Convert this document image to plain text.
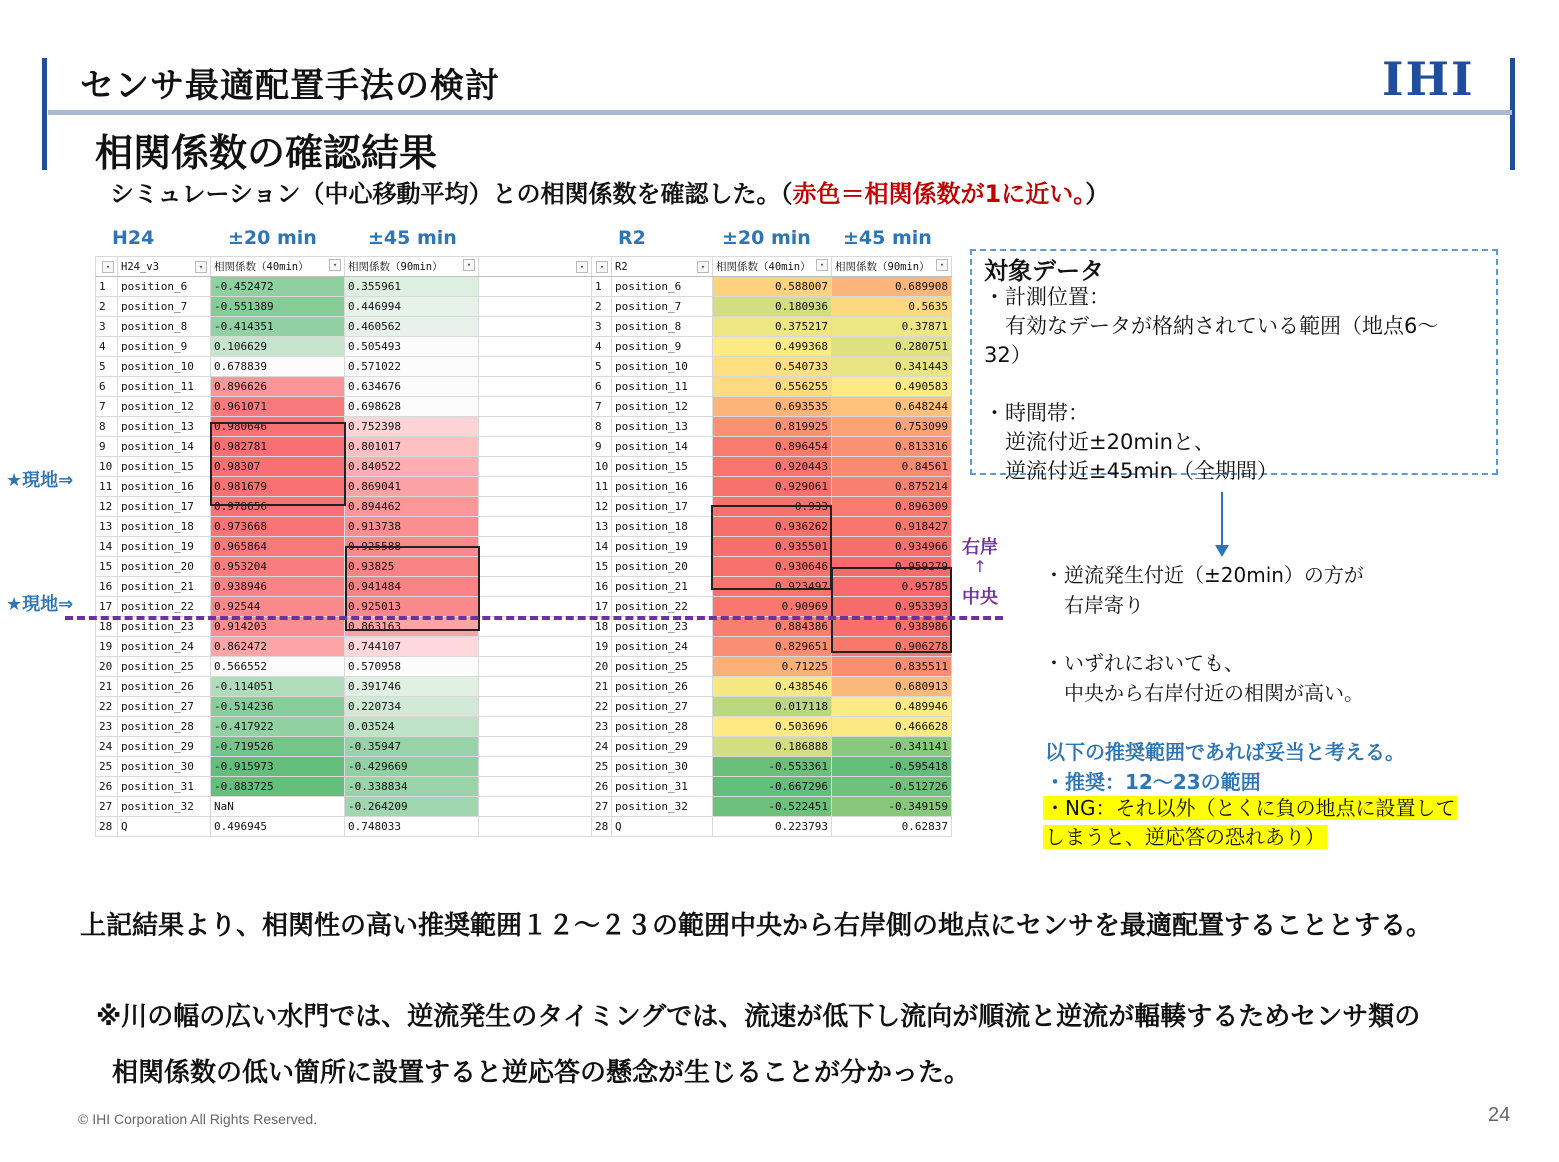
センサ最適配置手法の検討	IHI
相関係数の確認結果
シミュレーション（中心移動平均）との相関係数を確認した。（赤色＝相関係数が1に近い。）
H24	±20 min	±45 min	R2	±20 min ±45 min
▾	H24_v3 ▾	相関係数（40min） ▾	相関係数（90min） ▾	▾

1	position_6	-0.452472	0.355961	
2	position_7	-0.551389	0.446994	
3	position_8	-0.414351	0.460562	
4	position_9	0.106629	0.505493	
5	position_10	0.678839	0.571022	
6	position_11	0.896626	0.634676	
7	position_12	0.961071	0.698628	
8	position_13	0.980646	0.752398	
9	position_14	0.982781	0.801017	
10	position_15	0.98307	0.840522	
11	position_16	0.981679	0.869041	
12	position_17	0.978656	0.894462	
13	position_18	0.973668	0.913738	
14	position_19	0.965864	0.925588	
15	position_20	0.953204	0.93825	
16	position_21	0.938946	0.941484	
17	position_22	0.92544	0.925013	
18	position_23	0.914203	0.863163	
19	position_24	0.862472	0.744107	
20	position_25	0.566552	0.570958	
21	position_26	-0.114051	0.391746	
22	position_27	-0.514236	0.220734	
23	position_28	-0.417922	0.03524	
24	position_29	-0.719526	-0.35947	
25	position_30	-0.915973	-0.429669	
26	position_31	-0.883725	-0.338834	
27	position_32	NaN	-0.264209	
28	Q	0.496945	0.748033	
▾	R2 ▾	相関係数（40min） ▾	相関係数（90min） ▾

1	position_6	0.588007	0.689908
2	position_7	0.180936	0.5635
3	position_8	0.375217	0.37871
4	position_9	0.499368	0.280751
5	position_10	0.540733	0.341443
6	position_11	0.556255	0.490583
7	position_12	0.693535	0.648244
8	position_13	0.819925	0.753099
9	position_14	0.896454	0.813316
10	position_15	0.920443	0.84561
11	position_16	0.929061	0.875214
12	position_17	0.933	0.896309
13	position_18	0.936262	0.918427
14	position_19	0.935501	0.934966
15	position_20	0.930646	0.959279
16	position_21	0.923497	0.95785
17	position_22	0.90969	0.953393
18	position_23	0.884386	0.938986
19	position_24	0.829651	0.906278
20	position_25	0.71225	0.835511
21	position_26	0.438546	0.680913
22	position_27	0.017118	0.489946
23	position_28	0.503696	0.466628
24	position_29	0.186888	-0.341141
25	position_30	-0.553361	-0.595418
26	position_31	-0.667296	-0.512726
27	position_32	-0.522451	-0.349159
28	Q	0.223793	0.62837
★現地⇒
★現地⇒
右岸
↑
中央
対象データ
・計測位置：
　有効なデータが格納されている範囲（地点6～32）

・時間帯：
　逆流付近±20minと、
　逆流付近±45min（全期間）
・逆流発生付近（±20min）の方が
　右岸寄り
・いずれにおいても、
　中央から右岸付近の相関が高い。
以下の推奨範囲であれば妥当と考える。
・推奨：12～23の範囲
・NG：それ以外（とくに負の地点に設置して
しまうと、逆応答の恐れあり）
上記結果より、相関性の高い推奨範囲１２～２３の範囲中央から右岸側の地点にセンサを最適配置することとする。
※川の幅の広い水門では、逆流発生のタイミングでは、流速が低下し流向が順流と逆流が輻輳するためセンサ類の
相関係数の低い箇所に設置すると逆応答の懸念が生じることが分かった。
© IHI Corporation All Rights Reserved.	24
